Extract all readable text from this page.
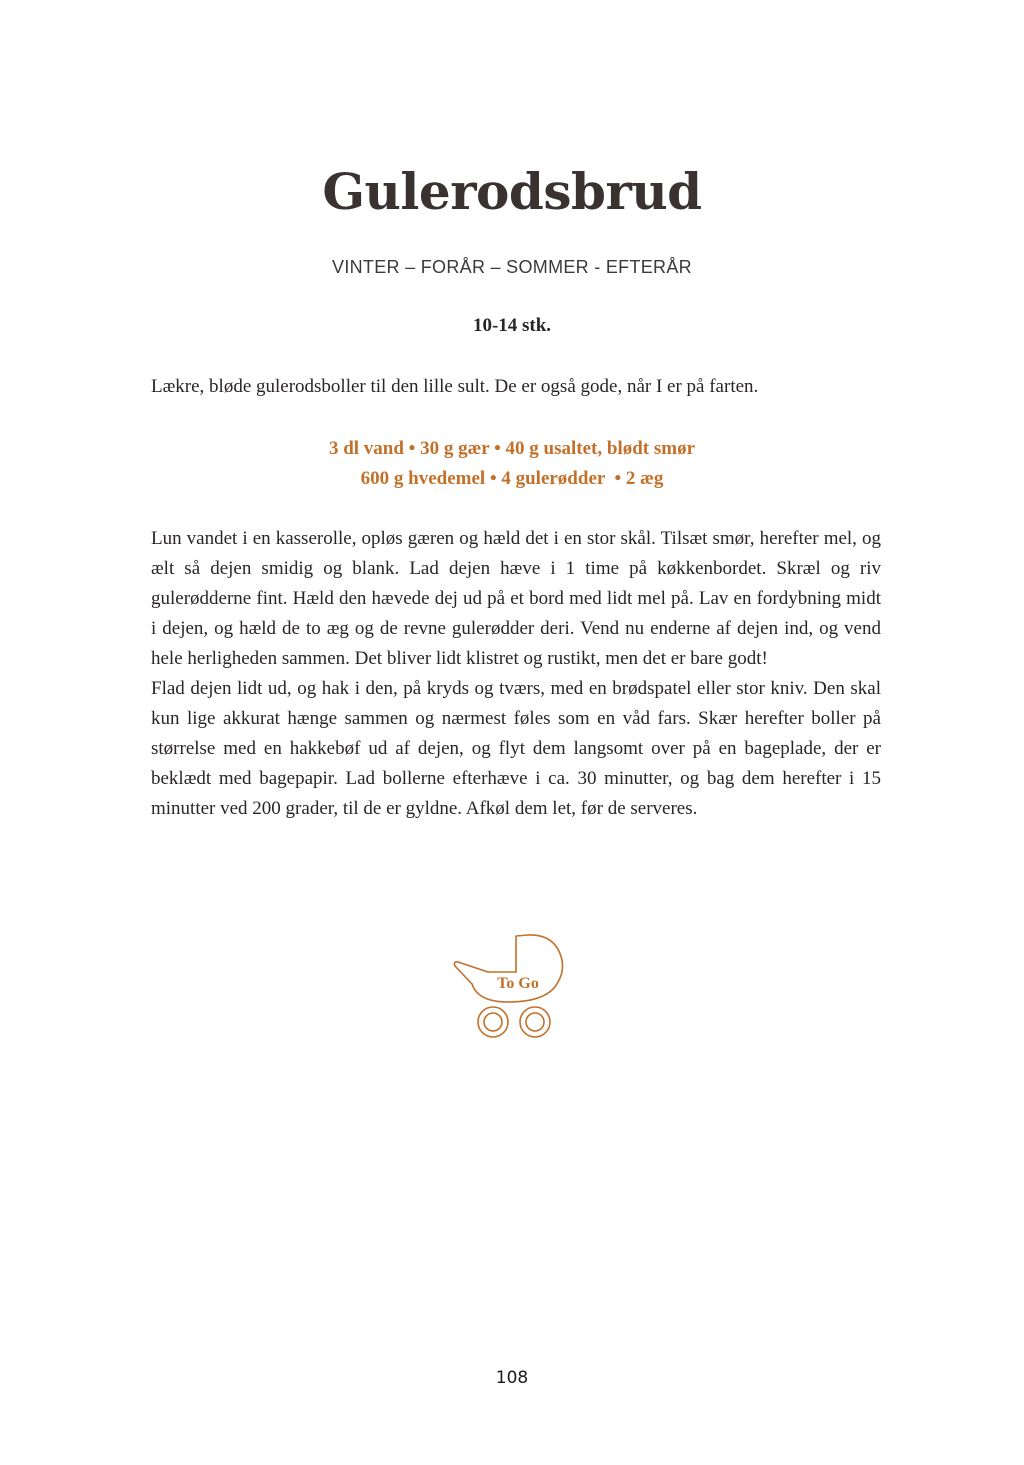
Gulerodsbrud
VINTER – FORÅR – SOMMER - EFTERÅR
10-14 stk.
Lækre, bløde gulerodsboller til den lille sult. De er også gode, når I er på farten.
3 dl vand • 30 g gær • 40 g usaltet, blødt smør
600 g hvedemel • 4 gulerødder  • 2 æg

Lun vandet i en kasserolle, opløs gæren og hæld det i en stor skål. Tilsæt smør, herefter mel, og ælt så dejen smidig og blank. Lad dejen hæve i 1 time på køkkenbordet. Skræl og riv gulerødderne fint. Hæld den hævede dej ud på et bord med lidt mel på. Lav en fordybning midt i dejen, og hæld de to æg og de revne gulerødder deri. Vend nu enderne af dejen ind, og vend hele herligheden sammen. Det bliver lidt klistret og rustikt, men det er bare godt!

Flad dejen lidt ud, og hak i den, på kryds og tværs, med en brødspatel eller stor kniv. Den skal kun lige akkurat hænge sammen og nærmest føles som en våd fars. Skær herefter boller på størrelse med en hakkebøf ud af dejen, og flyt dem langsomt over på en bageplade, der er beklædt med bagepapir. Lad bollerne efterhæve i ca. 30 minutter, og bag dem herefter i 15 minutter ved 200 grader, til de er gyldne. Afkøl dem let, før de serveres.

To Go
108
